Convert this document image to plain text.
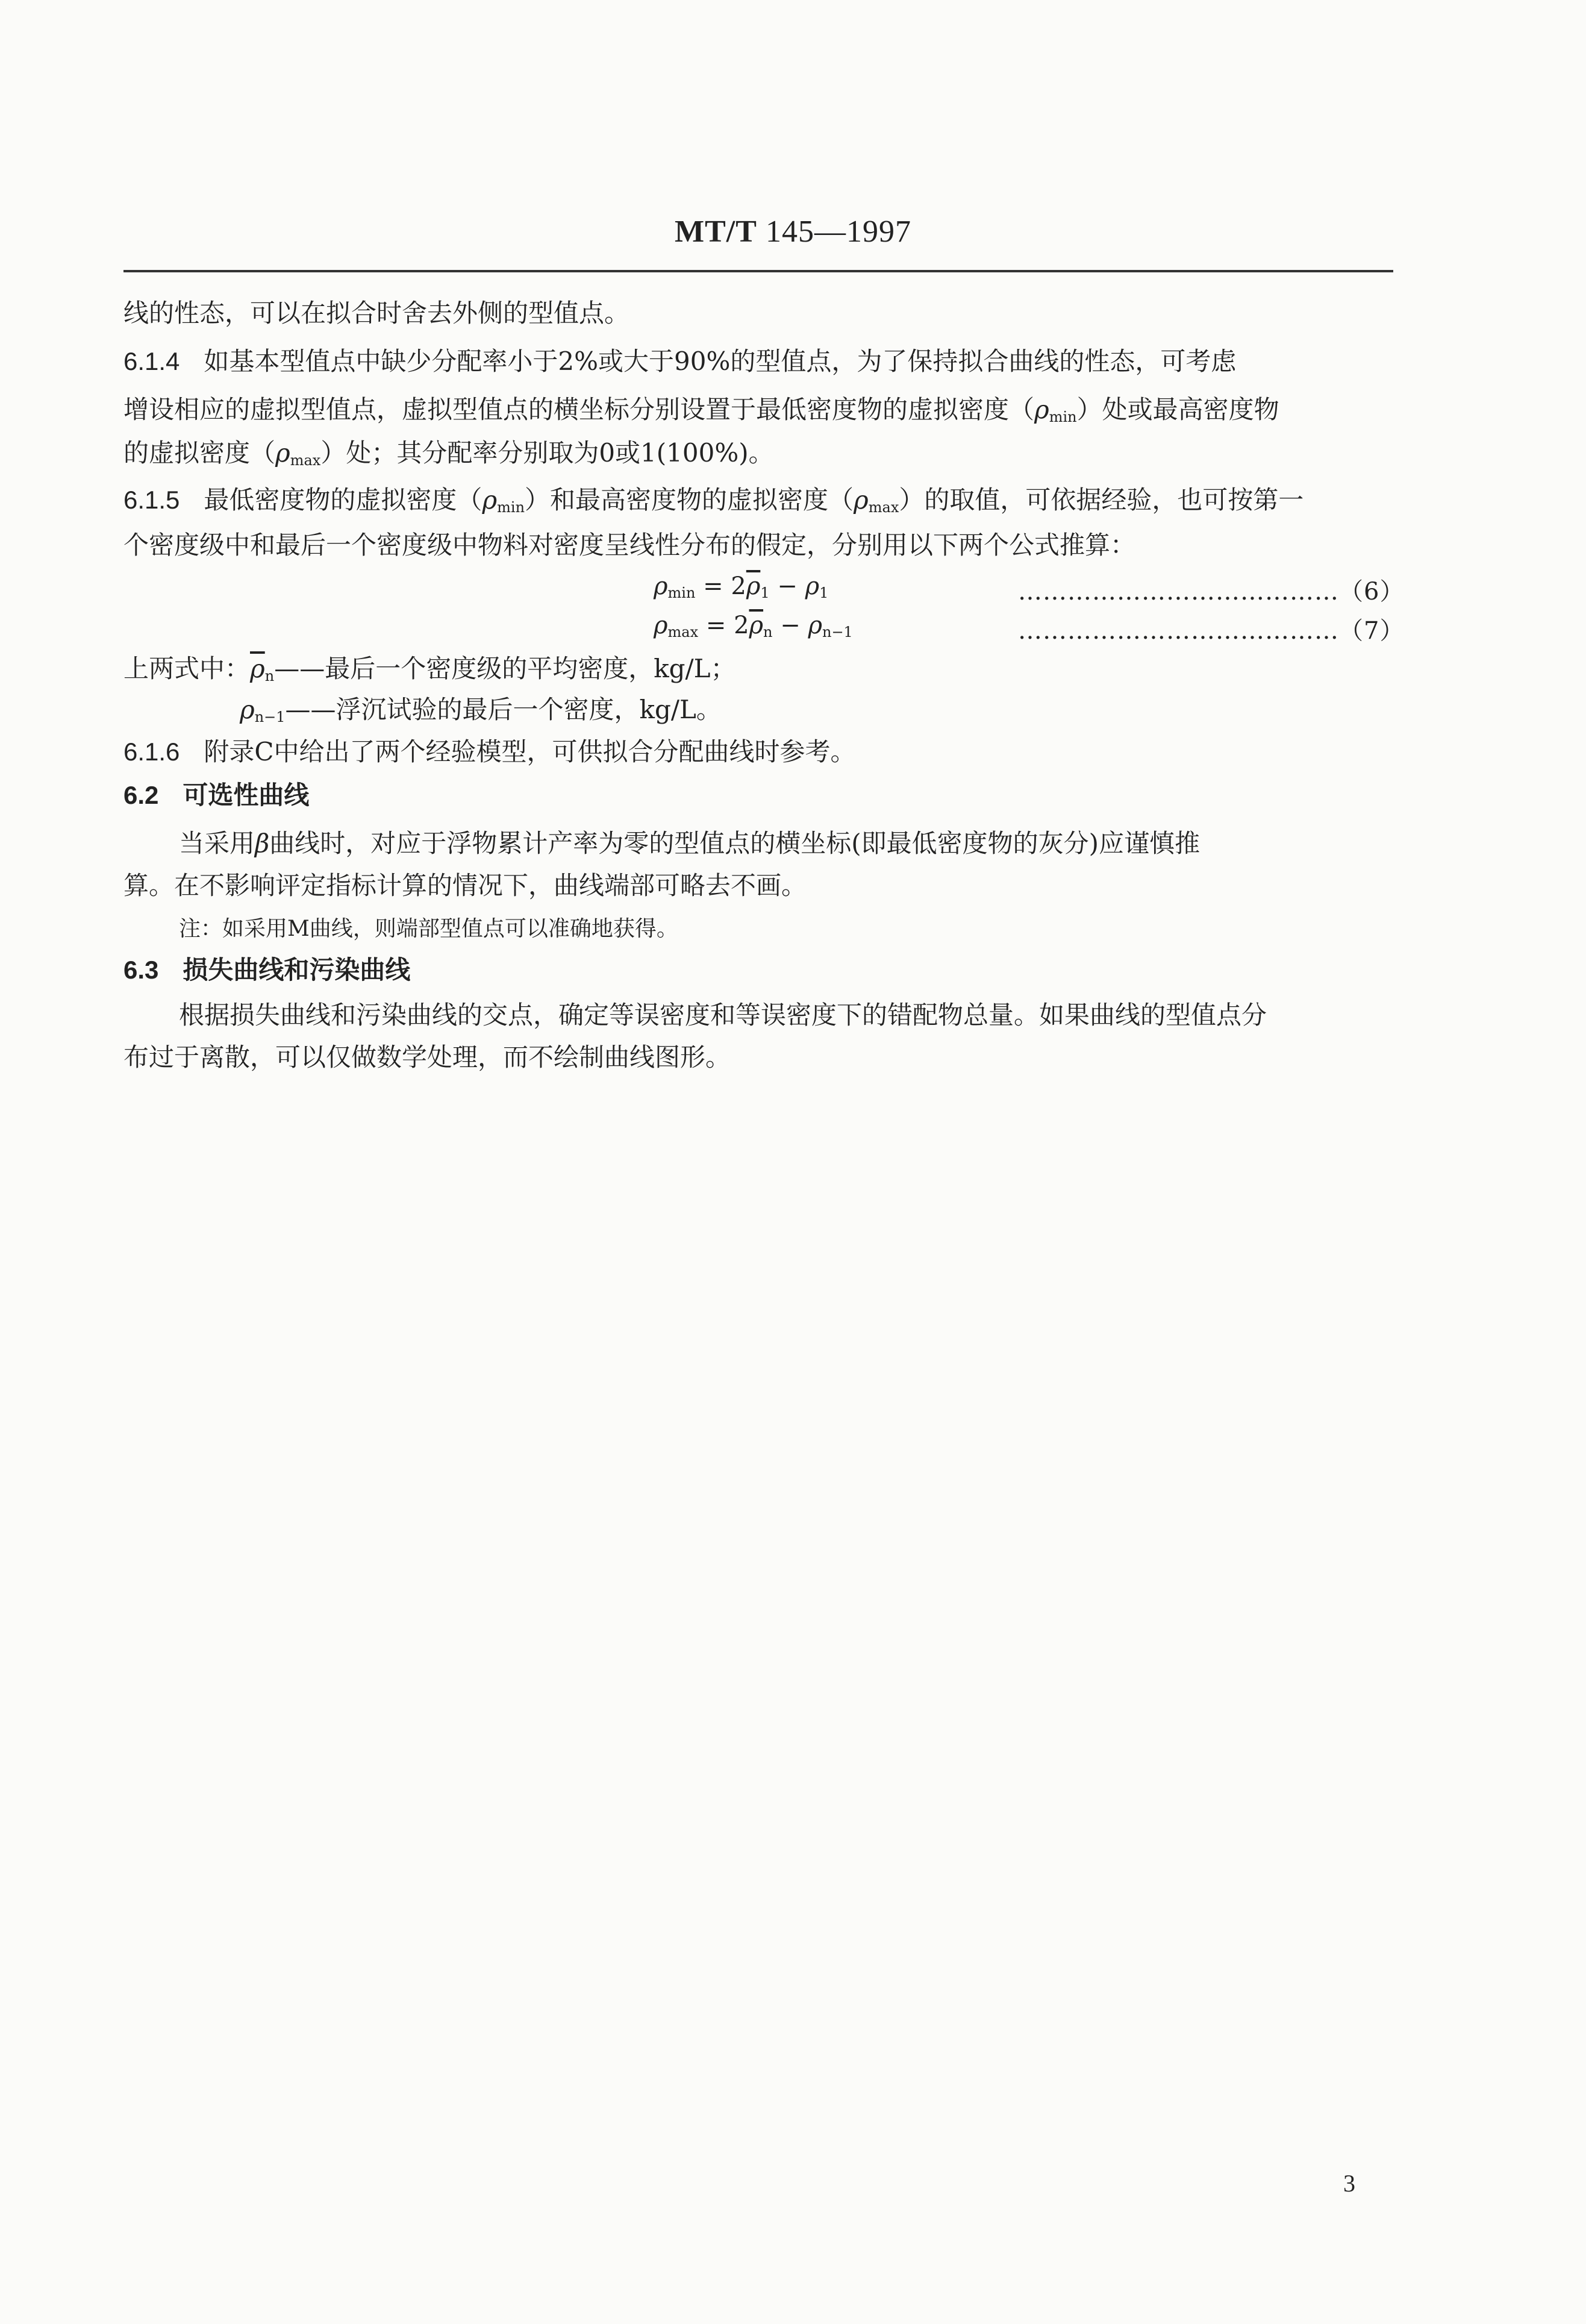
MT/T 145—1997
线的性态，可以在拟合时舍去外侧的型值点。
6.1.4 如基本型值点中缺少分配率小于2%或大于90%的型值点，为了保持拟合曲线的性态，可考虑
增设相应的虚拟型值点，虚拟型值点的横坐标分别设置于最低密度物的虚拟密度$(\rho_{min})$处或最高密度物
的虚拟密度$(\rho_{max})$处；其分配率分别取为0或1(100%)。
6.1.5 最低密度物的虚拟密度$(\rho_{min})$和最高密度物的虚拟密度$(\rho_{max})$的取值，可依据经验，也可按第一
个密度级中和最后一个密度级中物料对密度呈线性分布的假定，分别用以下两个公式推算：
$\rho_{min} = 2\overline{\rho}_1 - \rho_1$	…………………………………（6）
$\rho_{max} = 2\overline{\rho}_n - \rho_{n-1}$	…………………………………（7）
上两式中：$\overline{\rho}_n——$最后一个密度级的平均密度，kg/L；
$\rho_{n-1}——$浮沉试验的最后一个密度，kg/L。
6.1.6 附录C中给出了两个经验模型，可供拟合分配曲线时参考。
6.2 可选性曲线
当采用β曲线时，对应于浮物累计产率为零的型值点的横坐标(即最低密度物的灰分)应谨慎推
算。在不影响评定指标计算的情况下，曲线端部可略去不画。
注：如采用M曲线，则端部型值点可以准确地获得。
6.3 损失曲线和污染曲线
根据损失曲线和污染曲线的交点，确定等误密度和等误密度下的错配物总量。如果曲线的型值点分
布过于离散，可以仅做数学处理，而不绘制曲线图形。
3
